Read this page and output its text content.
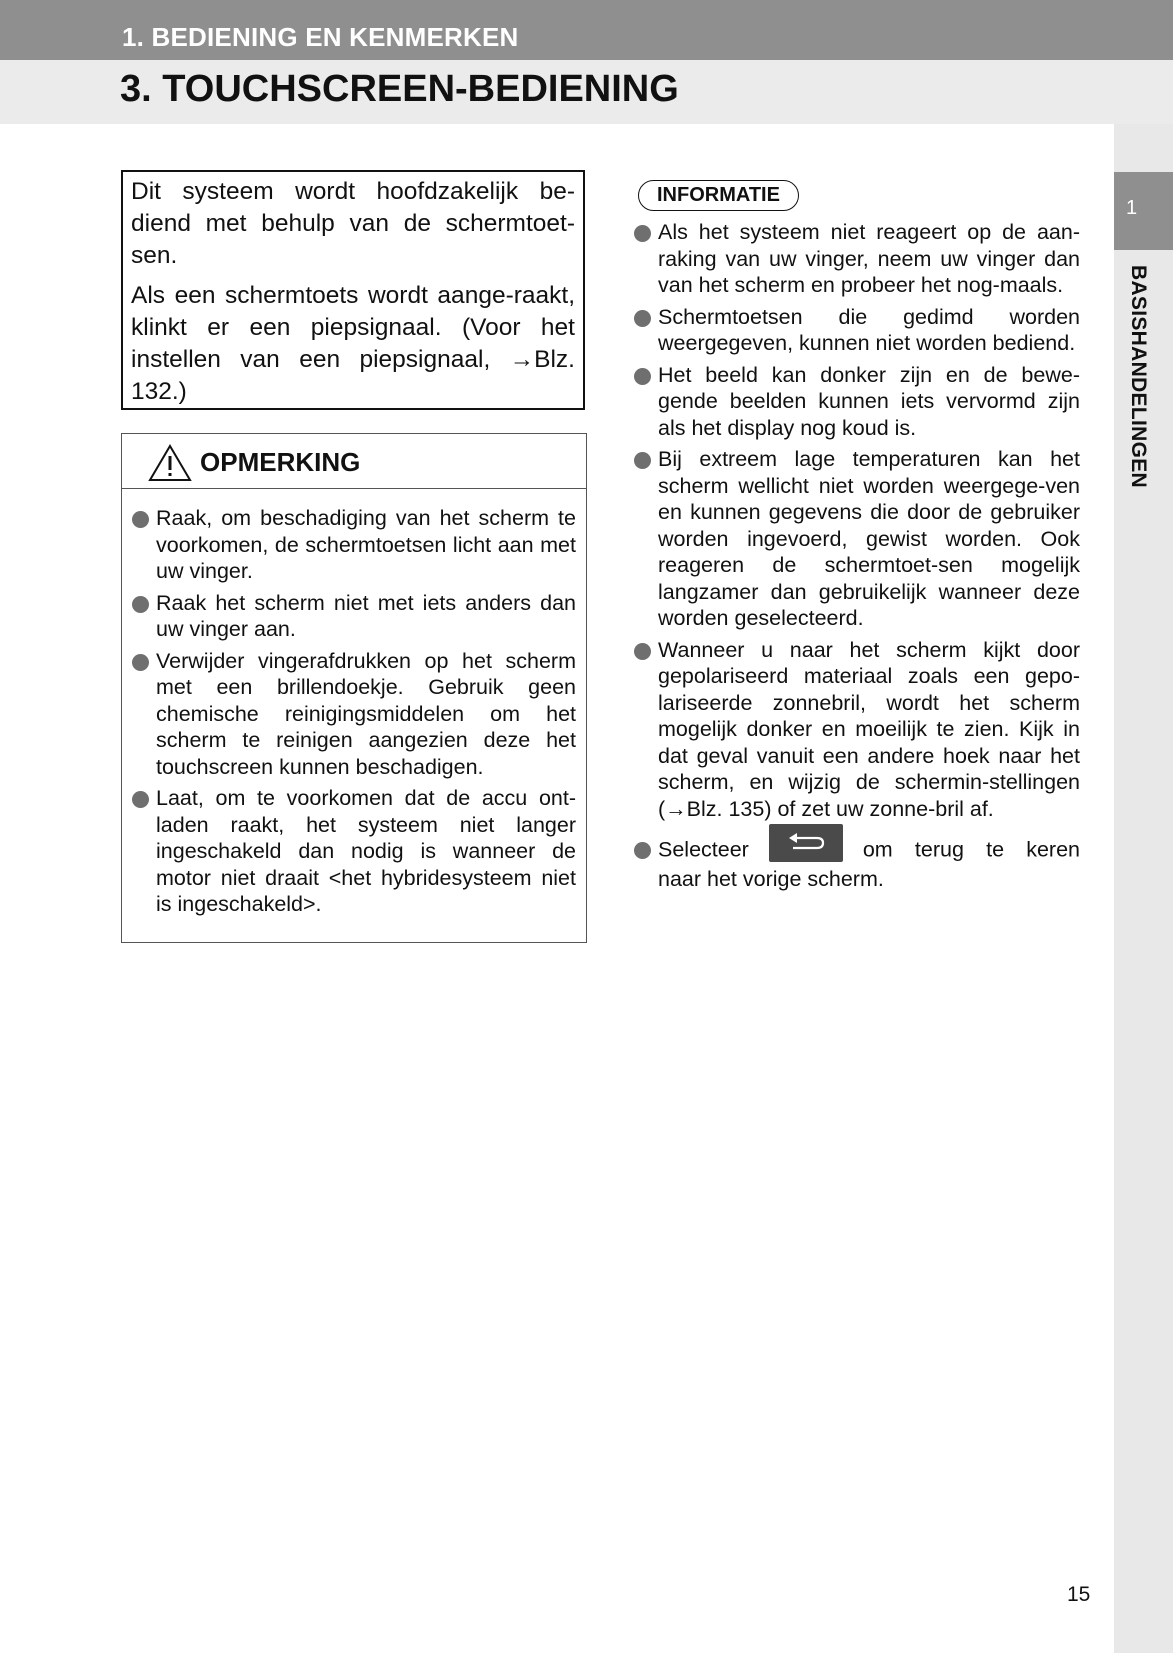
1. BEDIENING EN KENMERKEN
3. TOUCHSCREEN-BEDIENING
1
BASISHANDELINGEN

Dit systeem wordt hoofdzakelijk be-diend met behulp van de schermtoet-sen.

Als een schermtoets wordt aange-raakt, klinkt er een piepsignaal. (Voor het instellen van een piepsignaal, →Blz. 132.)

OPMERKING
Raak, om beschadiging van het scherm te voorkomen, de schermtoetsen licht aan met uw vinger.
Raak het scherm niet met iets anders dan uw vinger aan.
Verwijder vingerafdrukken op het scherm met een brillendoekje. Gebruik geen chemische reinigingsmiddelen om het scherm te reinigen aangezien deze het touchscreen kunnen beschadigen.
Laat, om te voorkomen dat de accu ont-laden raakt, het systeem niet langer ingeschakeld dan nodig is wanneer de motor niet draait <het hybridesysteem niet is ingeschakeld>.
INFORMATIE
Als het systeem niet reageert op de aan-raking van uw vinger, neem uw vinger dan van het scherm en probeer het nog-maals.
Schermtoetsen die gedimd worden weergegeven, kunnen niet worden bediend.
Het beeld kan donker zijn en de bewe-gende beelden kunnen iets vervormd zijn als het display nog koud is.
Bij extreem lage temperaturen kan het scherm wellicht niet worden weergege-ven en kunnen gegevens die door de gebruiker worden ingevoerd, gewist worden. Ook reageren de schermtoet-sen mogelijk langzamer dan gebruikelijk wanneer deze worden geselecteerd.
Wanneer u naar het scherm kijkt door gepolariseerd materiaal zoals een gepo-lariseerde zonnebril, wordt het scherm mogelijk donker en moeilijk te zien. Kijk in dat geval vanuit een andere hoek naar het scherm, en wijzig de schermin-stellingen (→Blz. 135) of zet uw zonne-bril af.
Selecteer	om terug te keren naar het vorige scherm.
15
